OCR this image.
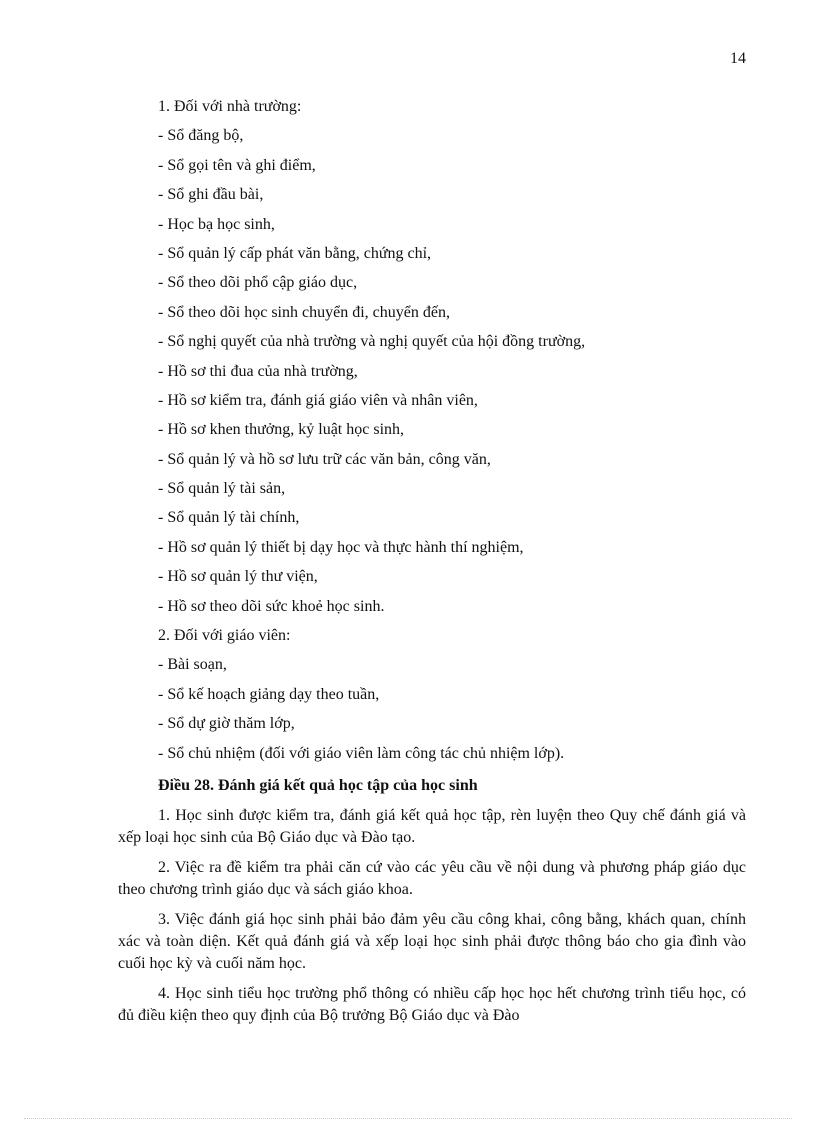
14
1. Đối với nhà trường:
- Sổ đăng bộ,
- Sổ gọi tên và ghi điểm,
- Sổ ghi đầu bài,
- Học bạ học sinh,
- Sổ quản lý cấp phát văn bằng, chứng chỉ,
- Sổ theo dõi phổ cập giáo dục,
- Sổ theo dõi học sinh chuyển đi, chuyển đến,
- Sổ nghị quyết của nhà trường và nghị quyết của hội đồng trường,
- Hồ sơ thi đua của nhà trường,
- Hồ sơ kiểm tra, đánh giá giáo viên và nhân viên,
- Hồ sơ khen thưởng, kỷ luật học sinh,
- Sổ quản lý và hồ sơ lưu trữ các văn bản, công văn,
- Sổ quản lý tài sản,
- Sổ quản lý tài chính,
- Hồ sơ quản lý thiết bị dạy học và thực hành thí nghiệm,
- Hồ sơ quản lý thư viện,
- Hồ sơ theo dõi sức khoẻ học sinh.
2. Đối với giáo viên:
- Bài soạn,
- Sổ kế hoạch giảng dạy theo tuần,
- Sổ dự giờ thăm lớp,
- Sổ chủ nhiệm (đối với giáo viên làm công tác chủ nhiệm lớp).
Điều 28. Đánh giá kết quả học tập của học sinh

1. Học sinh được kiểm tra, đánh giá kết quả học tập, rèn luyện theo Quy chế đánh giá và xếp loại học sinh của Bộ Giáo dục và Đào tạo.

2. Việc ra đề kiểm tra phải căn cứ vào các yêu cầu về nội dung và phương pháp giáo dục theo chương trình giáo dục và sách giáo khoa.

3. Việc đánh giá học sinh phải bảo đảm yêu cầu công khai, công bằng, khách quan, chính xác và toàn diện. Kết quả đánh giá và xếp loại học sinh phải được thông báo cho gia đình vào cuối học kỳ và cuối năm học.

4. Học sinh tiểu học trường phổ thông có nhiều cấp học học hết chương trình tiểu học, có đủ điều kiện theo quy định của Bộ trưởng Bộ Giáo dục và Đào
